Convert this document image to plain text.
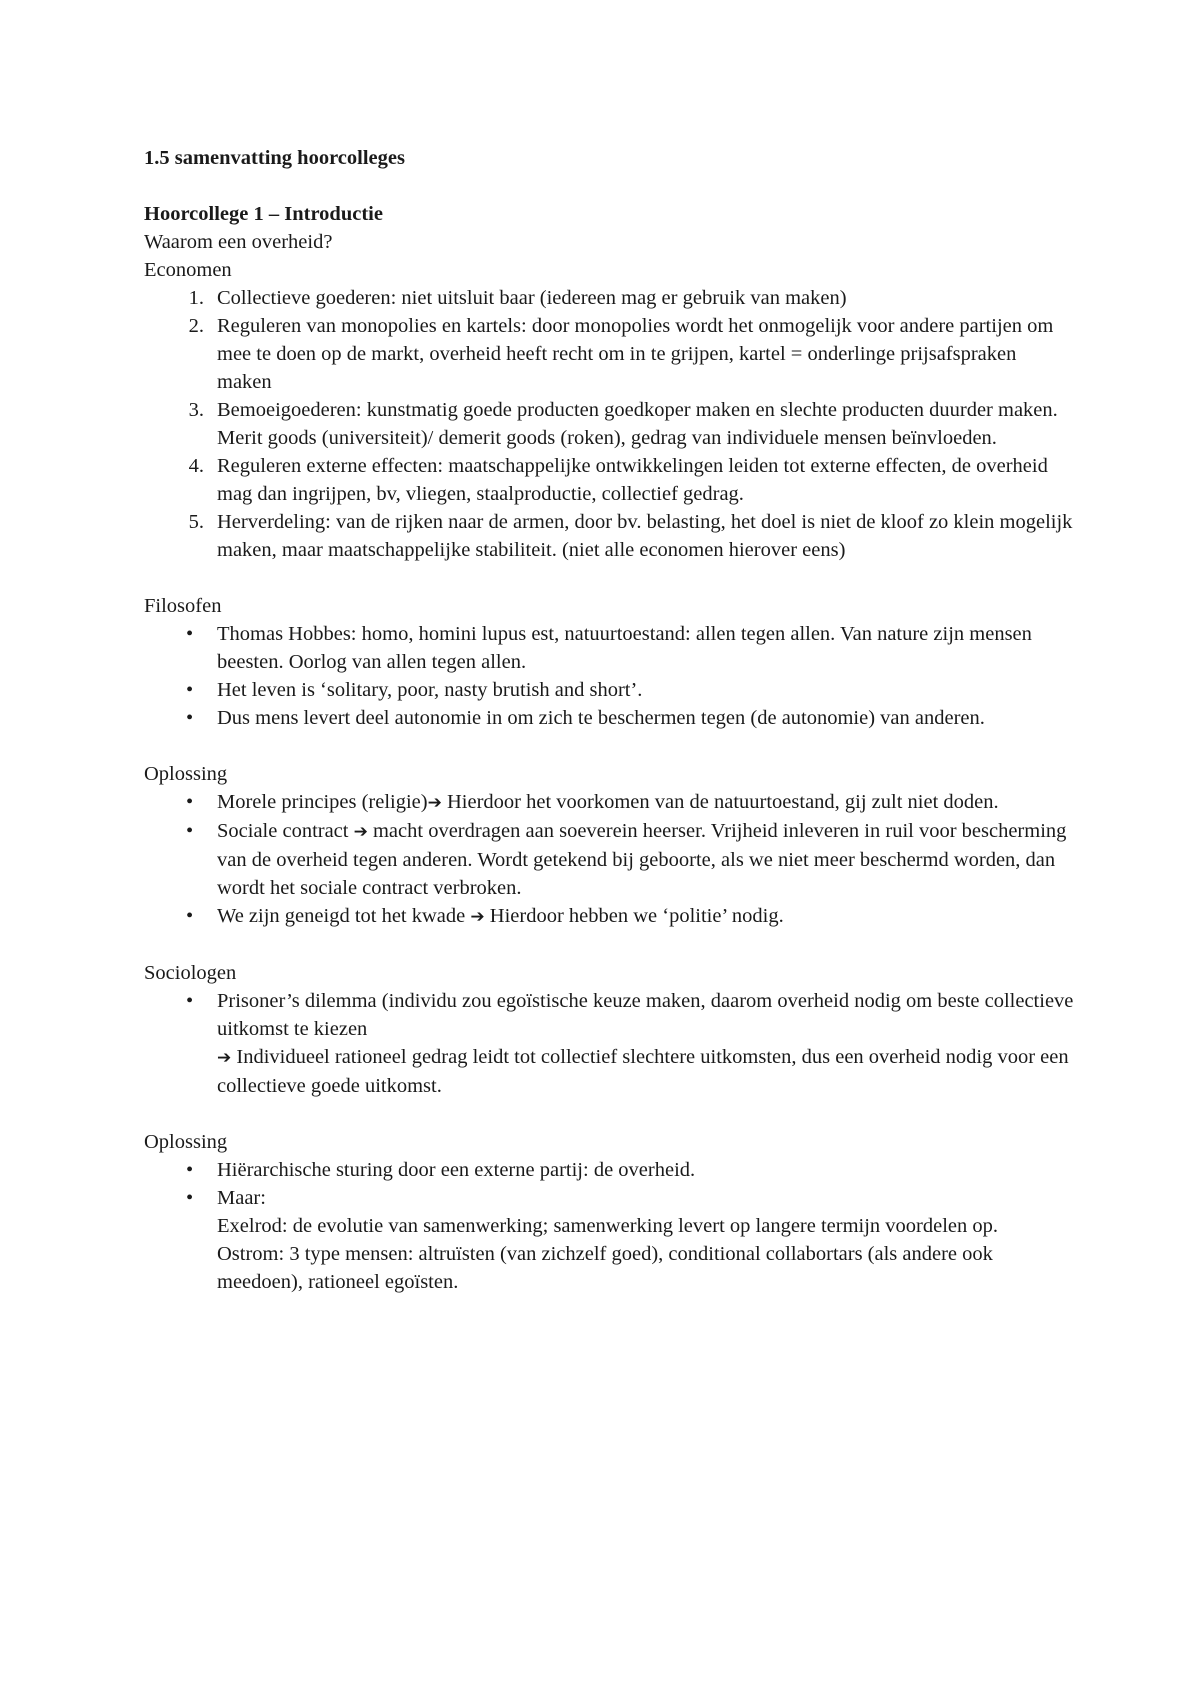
1.5 samenvatting hoorcolleges

Hoorcollege 1 – Introductie

Waarom een overheid?

Economen

1. Collectieve goederen: niet uitsluit baar (iedereen mag er gebruik van maken)
2. Reguleren van monopolies en kartels: door monopolies wordt het onmogelijk voor andere partijen om mee te doen op de markt, overheid heeft recht om in te grijpen, kartel = onderlinge prijsafspraken maken
3. Bemoeigoederen: kunstmatig goede producten goedkoper maken en slechte producten duurder maken. Merit goods (universiteit)/ demerit goods (roken), gedrag van individuele mensen beïnvloeden.
4. Reguleren externe effecten: maatschappelijke ontwikkelingen leiden tot externe effecten, de overheid mag dan ingrijpen, bv, vliegen, staalproductie, collectief gedrag.
5. Herverdeling: van de rijken naar de armen, door bv. belasting, het doel is niet de kloof zo klein mogelijk maken, maar maatschappelijke stabiliteit. (niet alle economen hierover eens)

Filosofen

• Thomas Hobbes: homo, homini lupus est, natuurtoestand: allen tegen allen. Van nature zijn mensen beesten. Oorlog van allen tegen allen.
• Het leven is ‘solitary, poor, nasty brutish and short’.
• Dus mens levert deel autonomie in om zich te beschermen tegen (de autonomie) van anderen.

Oplossing

• Morele principes (religie)➔ Hierdoor het voorkomen van de natuurtoestand, gij zult niet doden.
• Sociale contract ➔ macht overdragen aan soeverein heerser. Vrijheid inleveren in ruil voor bescherming van de overheid tegen anderen. Wordt getekend bij geboorte, als we niet meer beschermd worden, dan wordt het sociale contract verbroken.
• We zijn geneigd tot het kwade ➔ Hierdoor hebben we ‘politie’ nodig.

Sociologen

• Prisoner’s dilemma (individu zou egoïstische keuze maken, daarom overheid nodig om beste collectieve uitkomst te kiezen
➔ Individueel rationeel gedrag leidt tot collectief slechtere uitkomsten, dus een overheid nodig voor een collectieve goede uitkomst.

Oplossing

• Hiërarchische sturing door een externe partij: de overheid.
• Maar:
Exelrod: de evolutie van samenwerking; samenwerking levert op langere termijn voordelen op.
Ostrom: 3 type mensen: altruïsten (van zichzelf goed), conditional collabortars (als andere ook meedoen), rationeel egoïsten.
